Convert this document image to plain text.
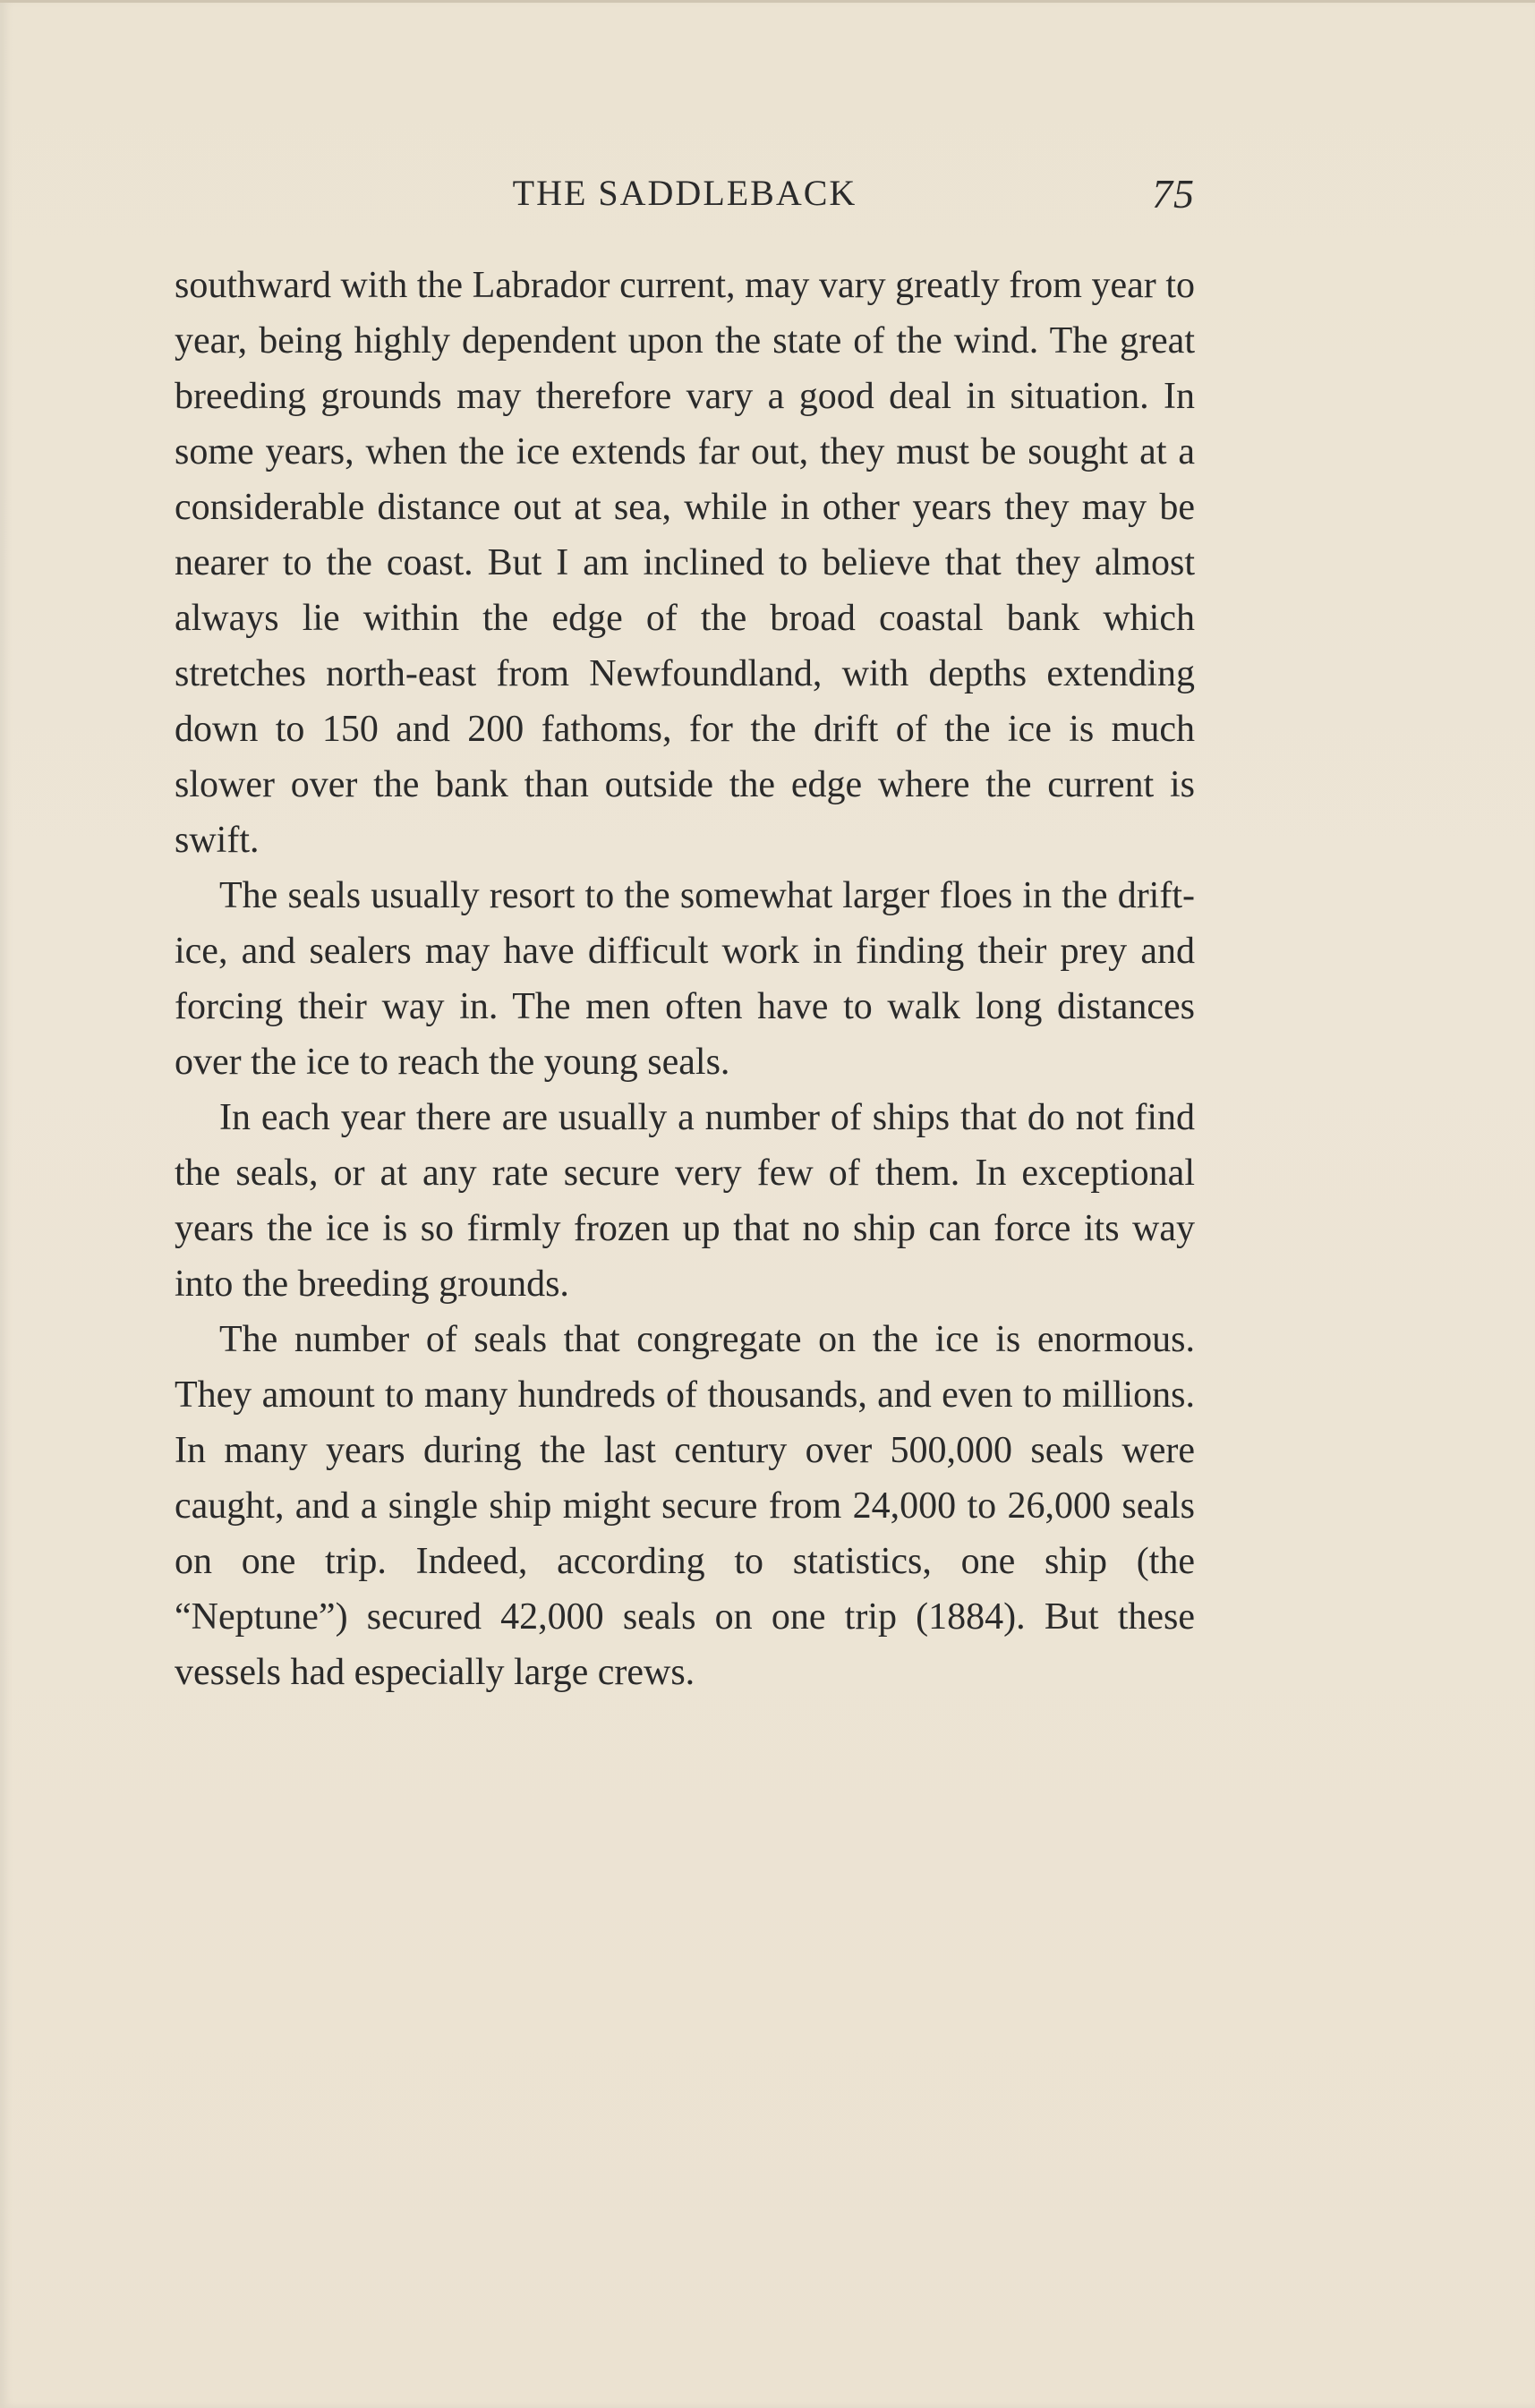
THE SADDLEBACK	75

southward with the Labrador current, may vary greatly from year to year, being highly dependent upon the state of the wind. The great breeding grounds may therefore vary a good deal in situation. In some years, when the ice extends far out, they must be sought at a considerable distance out at sea, while in other years they may be nearer to the coast. But I am inclined to believe that they almost always lie within the edge of the broad coastal bank which stretches north-east from Newfoundland, with depths extending down to 150 and 200 fathoms, for the drift of the ice is much slower over the bank than outside the edge where the current is swift.

The seals usually resort to the somewhat larger floes in the drift-ice, and sealers may have difficult work in finding their prey and forcing their way in. The men often have to walk long distances over the ice to reach the young seals.

In each year there are usually a number of ships that do not find the seals, or at any rate secure very few of them. In exceptional years the ice is so firmly frozen up that no ship can force its way into the breeding grounds.

The number of seals that congregate on the ice is enormous. They amount to many hundreds of thousands, and even to millions. In many years during the last century over 500,000 seals were caught, and a single ship might secure from 24,000 to 26,000 seals on one trip. Indeed, according to statistics, one ship (the “Neptune”) secured 42,000 seals on one trip (1884). But these vessels had especially large crews.
